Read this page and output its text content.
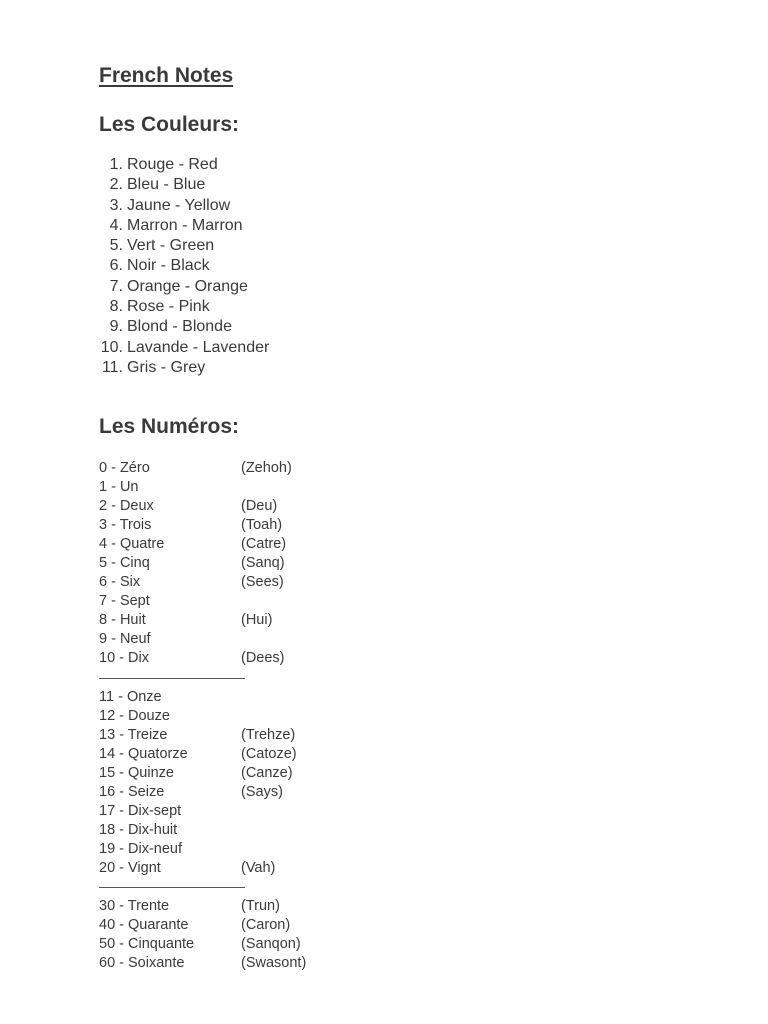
French Notes
Les Couleurs:
1. Rouge - Red
2. Bleu - Blue
3. Jaune - Yellow
4. Marron - Marron
5. Vert - Green
6. Noir - Black
7. Orange - Orange
8. Rose - Pink
9. Blond - Blonde
10. Lavande - Lavender
11. Gris - Grey
Les Numéros:
0 - Zéro	(Zehoh)
1 - Un
2 - Deux	(Deu)
3 - Trois	(Toah)
4 - Quatre	(Catre)
5 - Cinq	(Sanq)
6 - Six	(Sees)
7 - Sept
8 - Huit	(Hui)
9 - Neuf
10 - Dix	(Dees)
11 - Onze
12 - Douze
13 - Treize	(Trehze)
14 - Quatorze	(Catoze)
15 - Quinze	(Canze)
16 - Seize	(Says)
17 - Dix-sept
18 - Dix-huit
19 - Dix-neuf
20 - Vignt	(Vah)
30 - Trente	(Trun)
40 - Quarante	(Caron)
50 - Cinquante	(Sanqon)
60 - Soixante	(Swasont)
